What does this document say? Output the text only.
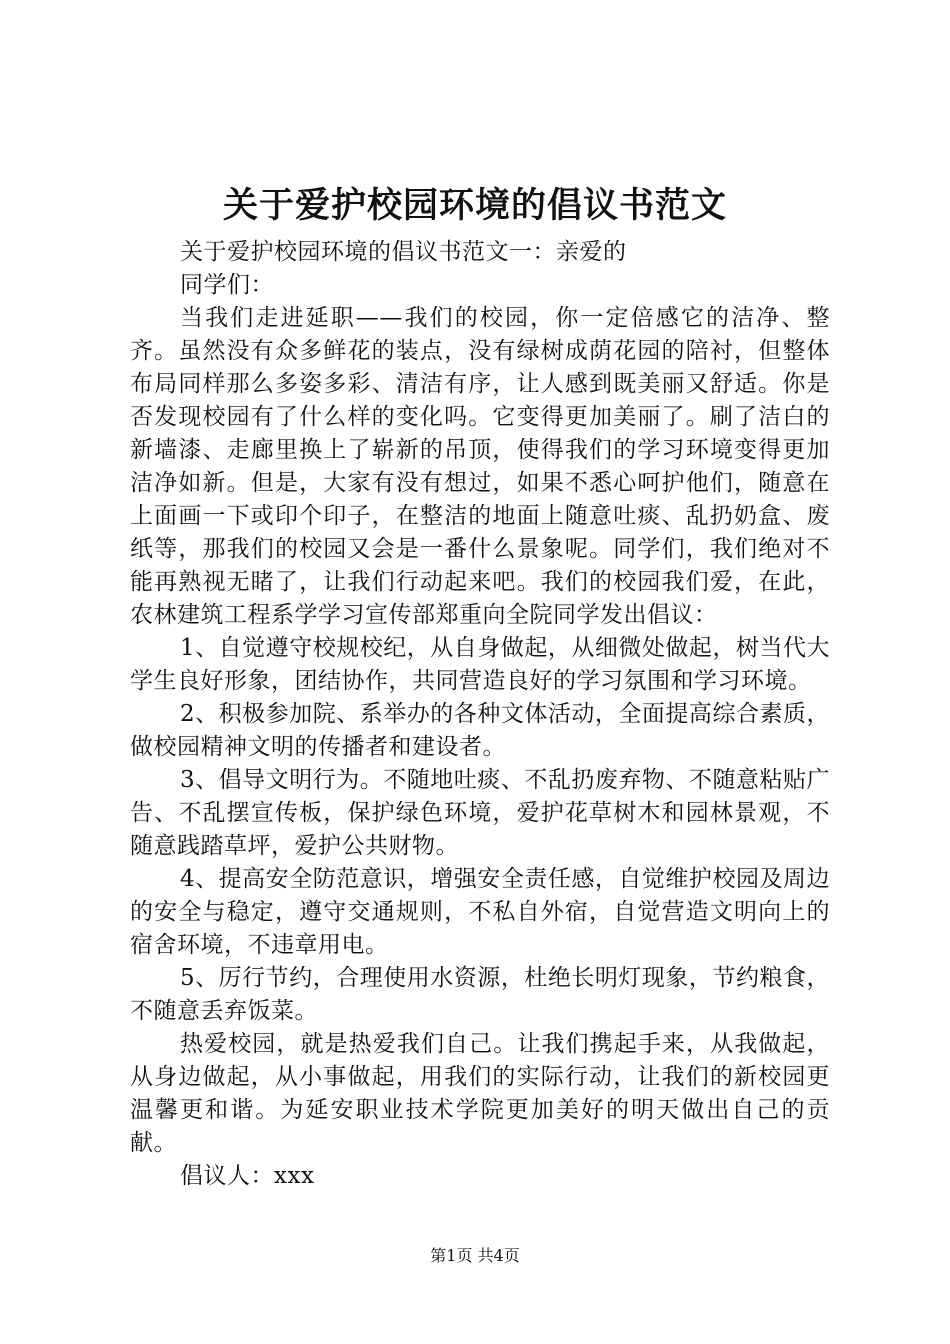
关于爱护校园环境的倡议书范文

关于爱护校园环境的倡议书范文一：亲爱的

同学们：

当我们走进延职——我们的校园，你一定倍感它的洁净、整齐。虽然没有众多鲜花的装点，没有绿树成荫花园的陪衬，但整体布局同样那么多姿多彩、清洁有序，让人感到既美丽又舒适。你是否发现校园有了什么样的变化吗。它变得更加美丽了。刷了洁白的新墙漆、走廊里换上了崭新的吊顶，使得我们的学习环境变得更加洁净如新。但是，大家有没有想过，如果不悉心呵护他们，随意在上面画一下或印个印子，在整洁的地面上随意吐痰、乱扔奶盒、废纸等，那我们的校园又会是一番什么景象呢。同学们，我们绝对不能再熟视无睹了，让我们行动起来吧。我们的校园我们爱，在此，农林建筑工程系学学习宣传部郑重向全院同学发出倡议：

1、自觉遵守校规校纪，从自身做起，从细微处做起，树当代大学生良好形象，团结协作，共同营造良好的学习氛围和学习环境。

2、积极参加院、系举办的各种文体活动，全面提高综合素质，做校园精神文明的传播者和建设者。

3、倡导文明行为。不随地吐痰、不乱扔废弃物、不随意粘贴广告、不乱摆宣传板，保护绿色环境，爱护花草树木和园林景观，不随意践踏草坪，爱护公共财物。

4、提高安全防范意识，增强安全责任感，自觉维护校园及周边的安全与稳定，遵守交通规则，不私自外宿，自觉营造文明向上的宿舍环境，不违章用电。

5、厉行节约，合理使用水资源，杜绝长明灯现象，节约粮食，不随意丢弃饭菜。

热爱校园，就是热爱我们自己。让我们携起手来，从我做起，从身边做起，从小事做起，用我们的实际行动，让我们的新校园更温馨更和谐。为延安职业技术学院更加美好的明天做出自己的贡献。

倡议人：xxx

第1页 共4页
